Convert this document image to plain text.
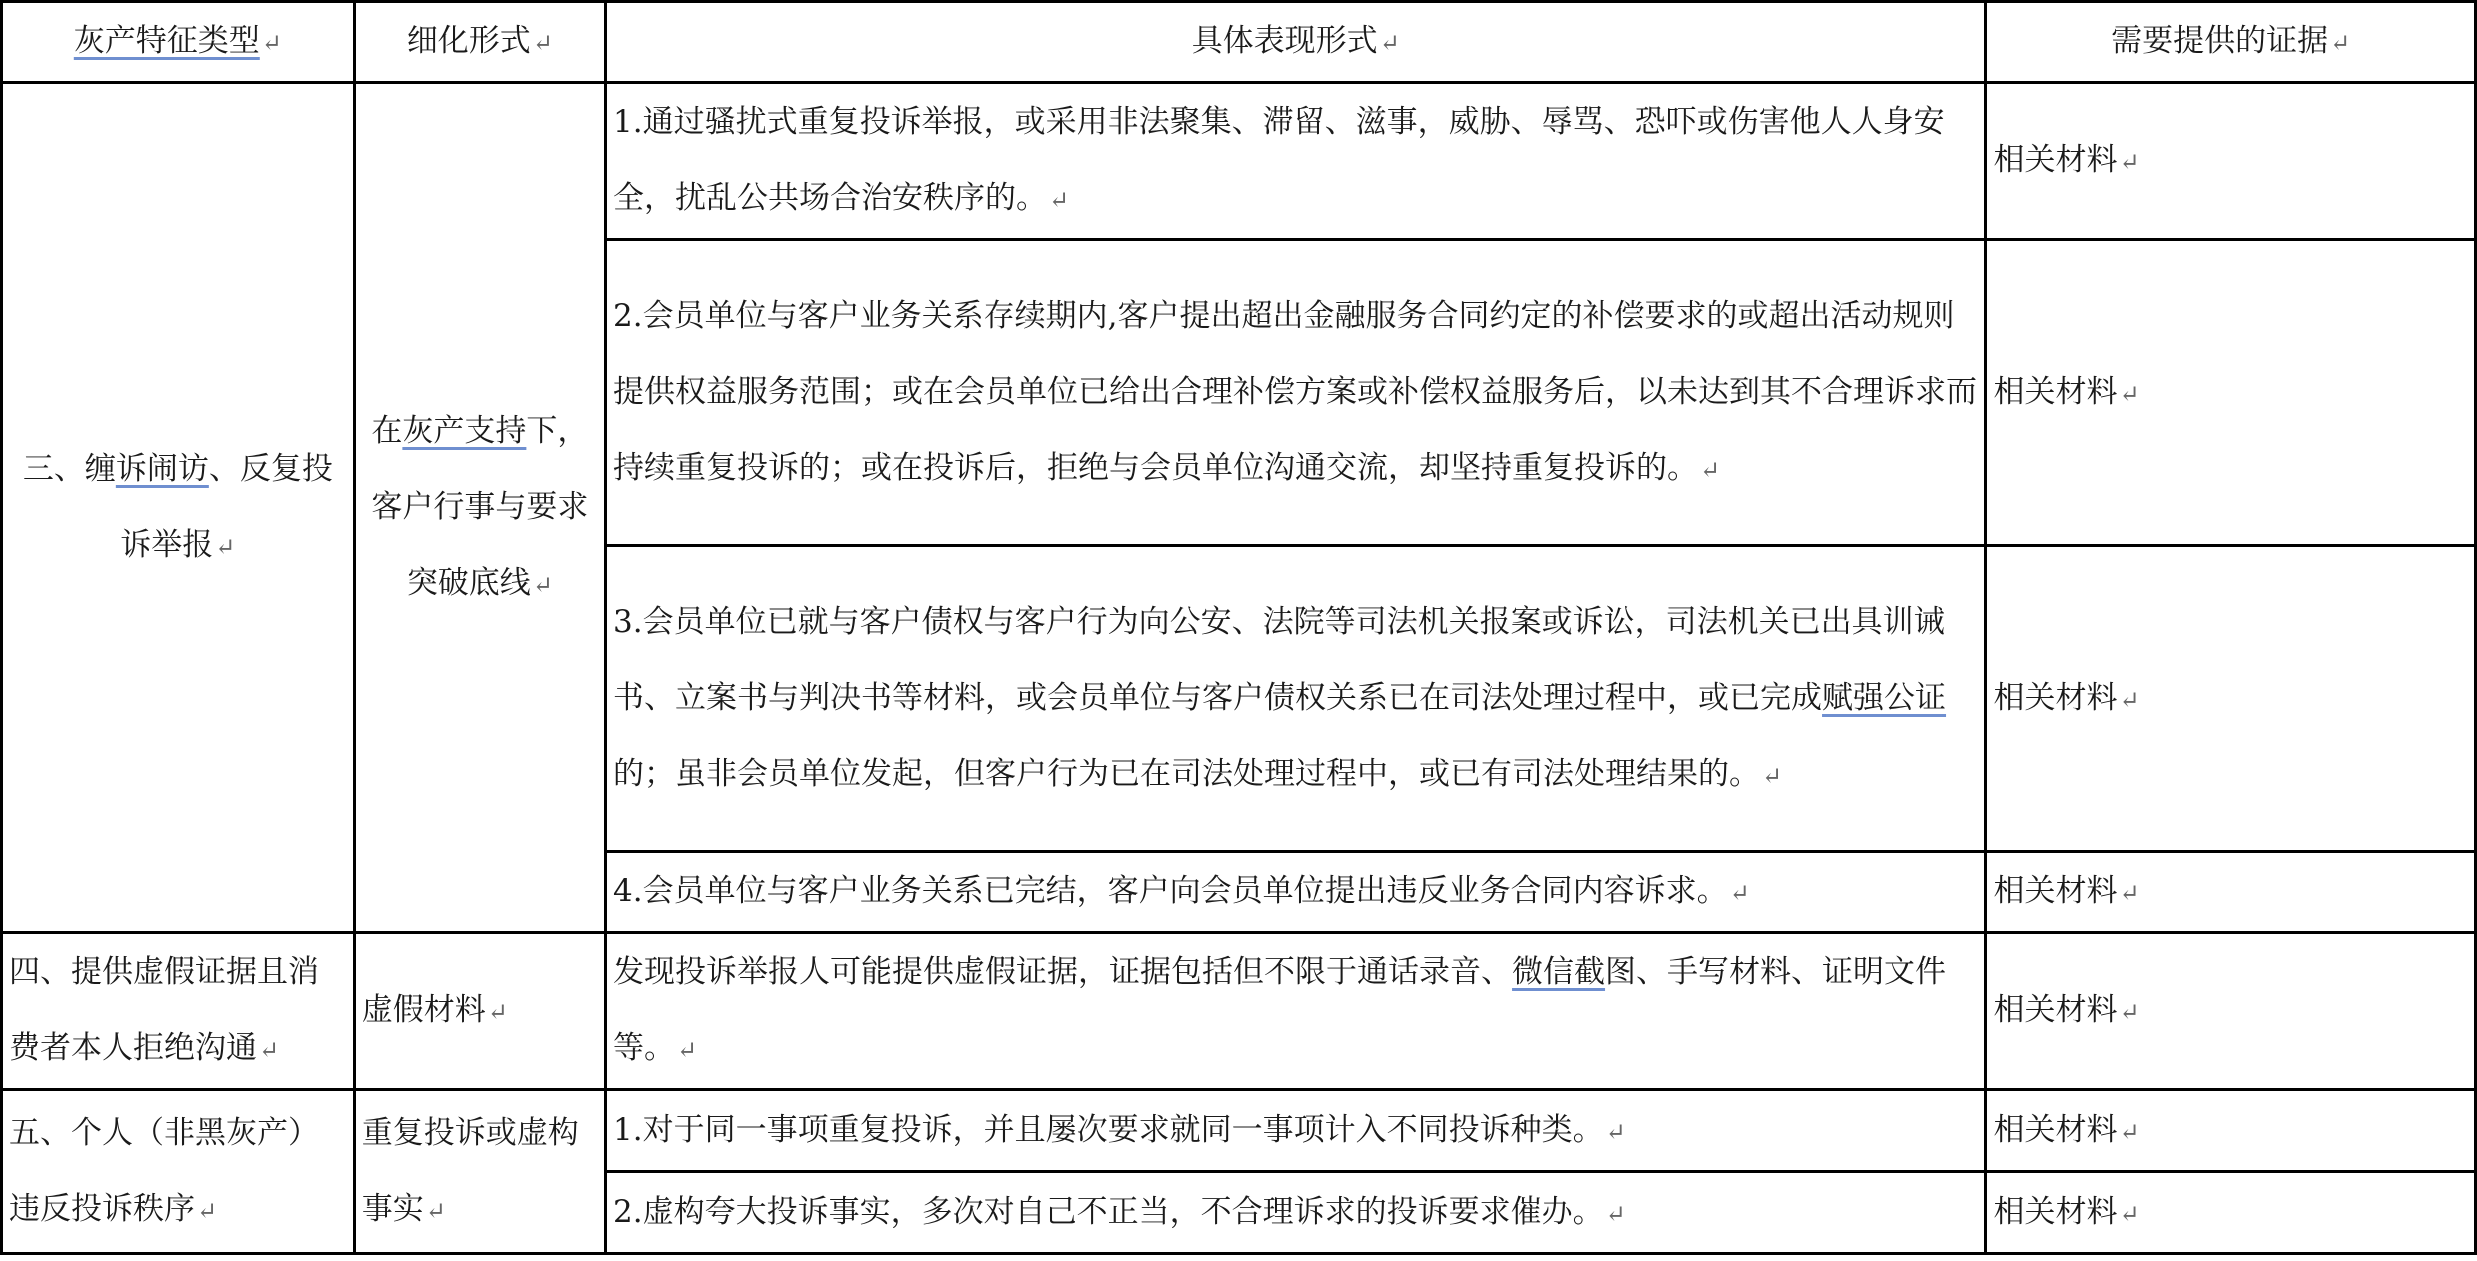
灰产特征类型↵	细化形式↵	具体表现形式↵	需要提供的证据↵
三、缠诉闹访、反复投诉举报↵	在灰产支持下，客户行事与要求突破底线↵	1.通过骚扰式重复投诉举报，或采用非法聚集、滞留、滋事，威胁、辱骂、恐吓或伤害他人人身安全，扰乱公共场合治安秩序的。↵	相关材料↵
		2.会员单位与客户业务关系存续期内,客户提出超出金融服务合同约定的补偿要求的或超出活动规则提供权益服务范围；或在会员单位已给出合理补偿方案或补偿权益服务后，以未达到其不合理诉求而持续重复投诉的；或在投诉后，拒绝与会员单位沟通交流，却坚持重复投诉的。↵	相关材料↵
		3.会员单位已就与客户债权与客户行为向公安、法院等司法机关报案或诉讼，司法机关已出具训诫书、立案书与判决书等材料，或会员单位与客户债权关系已在司法处理过程中，或已完成赋强公证的；虽非会员单位发起，但客户行为已在司法处理过程中，或已有司法处理结果的。↵	相关材料↵
		4.会员单位与客户业务关系已完结，客户向会员单位提出违反业务合同内容诉求。↵	相关材料↵
四、提供虚假证据且消费者本人拒绝沟通↵	虚假材料↵	发现投诉举报人可能提供虚假证据，证据包括但不限于通话录音、微信截图、手写材料、证明文件等。↵	相关材料↵
五、个人（非黑灰产）违反投诉秩序↵	重复投诉或虚构事实↵	1.对于同一事项重复投诉，并且屡次要求就同一事项计入不同投诉种类。↵	相关材料↵
		2.虚构夸大投诉事实，多次对自己不正当，不合理诉求的投诉要求催办。↵	相关材料↵
